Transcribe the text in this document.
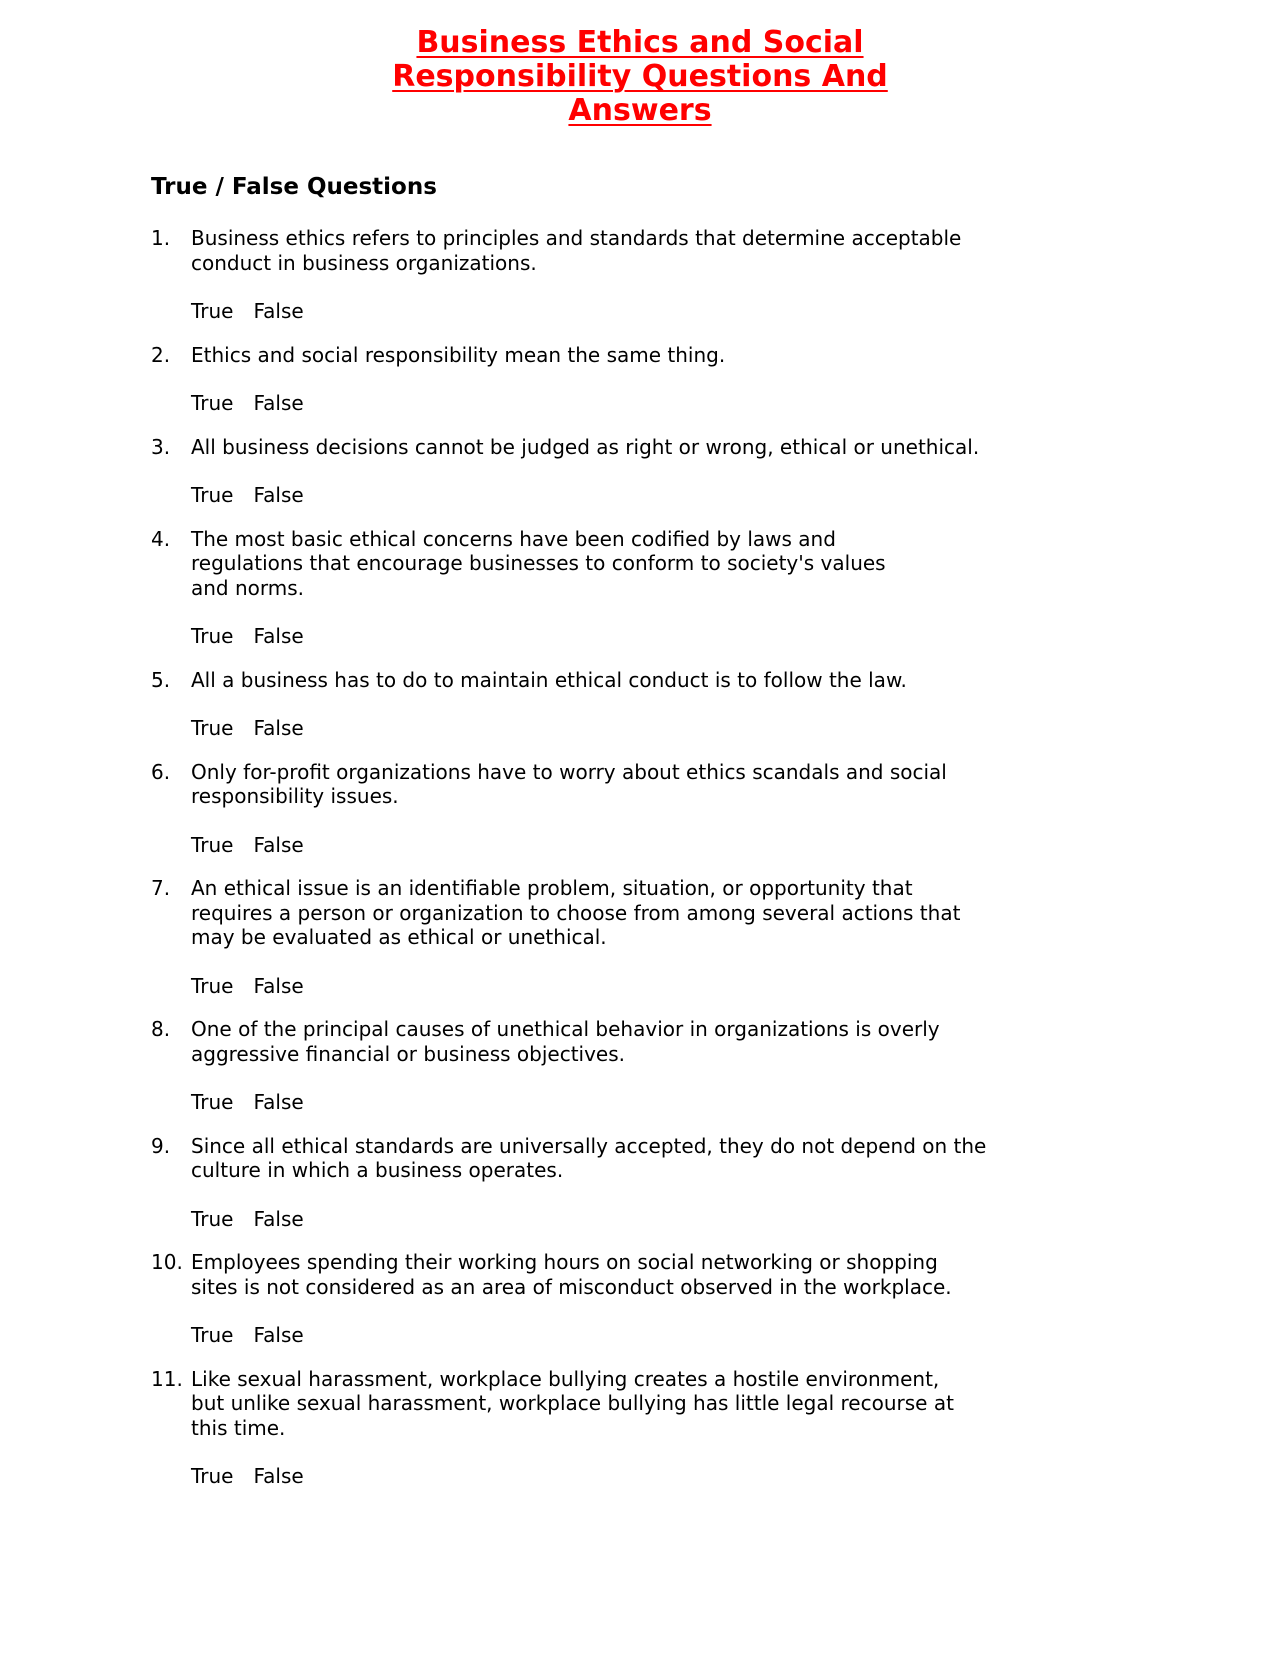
Business Ethics and Social
Responsibility Questions And
Answers
True / False Questions
1. Business ethics refers to principles and standards that determine acceptable
conduct in business organizations.
True False
2. Ethics and social responsibility mean the same thing.
True False
3. All business decisions cannot be judged as right or wrong, ethical or unethical.
True False
4. The most basic ethical concerns have been codified by laws and
regulations that encourage businesses to conform to society's values
and norms.
True False
5. All a business has to do to maintain ethical conduct is to follow the law.
True False
6. Only for-profit organizations have to worry about ethics scandals and social
responsibility issues.
True False
7. An ethical issue is an identifiable problem, situation, or opportunity that
requires a person or organization to choose from among several actions that
may be evaluated as ethical or unethical.
True False
8. One of the principal causes of unethical behavior in organizations is overly
aggressive financial or business objectives.
True False
9. Since all ethical standards are universally accepted, they do not depend on the
culture in which a business operates.
True False
10. Employees spending their working hours on social networking or shopping
sites is not considered as an area of misconduct observed in the workplace.
True False
11. Like sexual harassment, workplace bullying creates a hostile environment,
but unlike sexual harassment, workplace bullying has little legal recourse at
this time.
True False
